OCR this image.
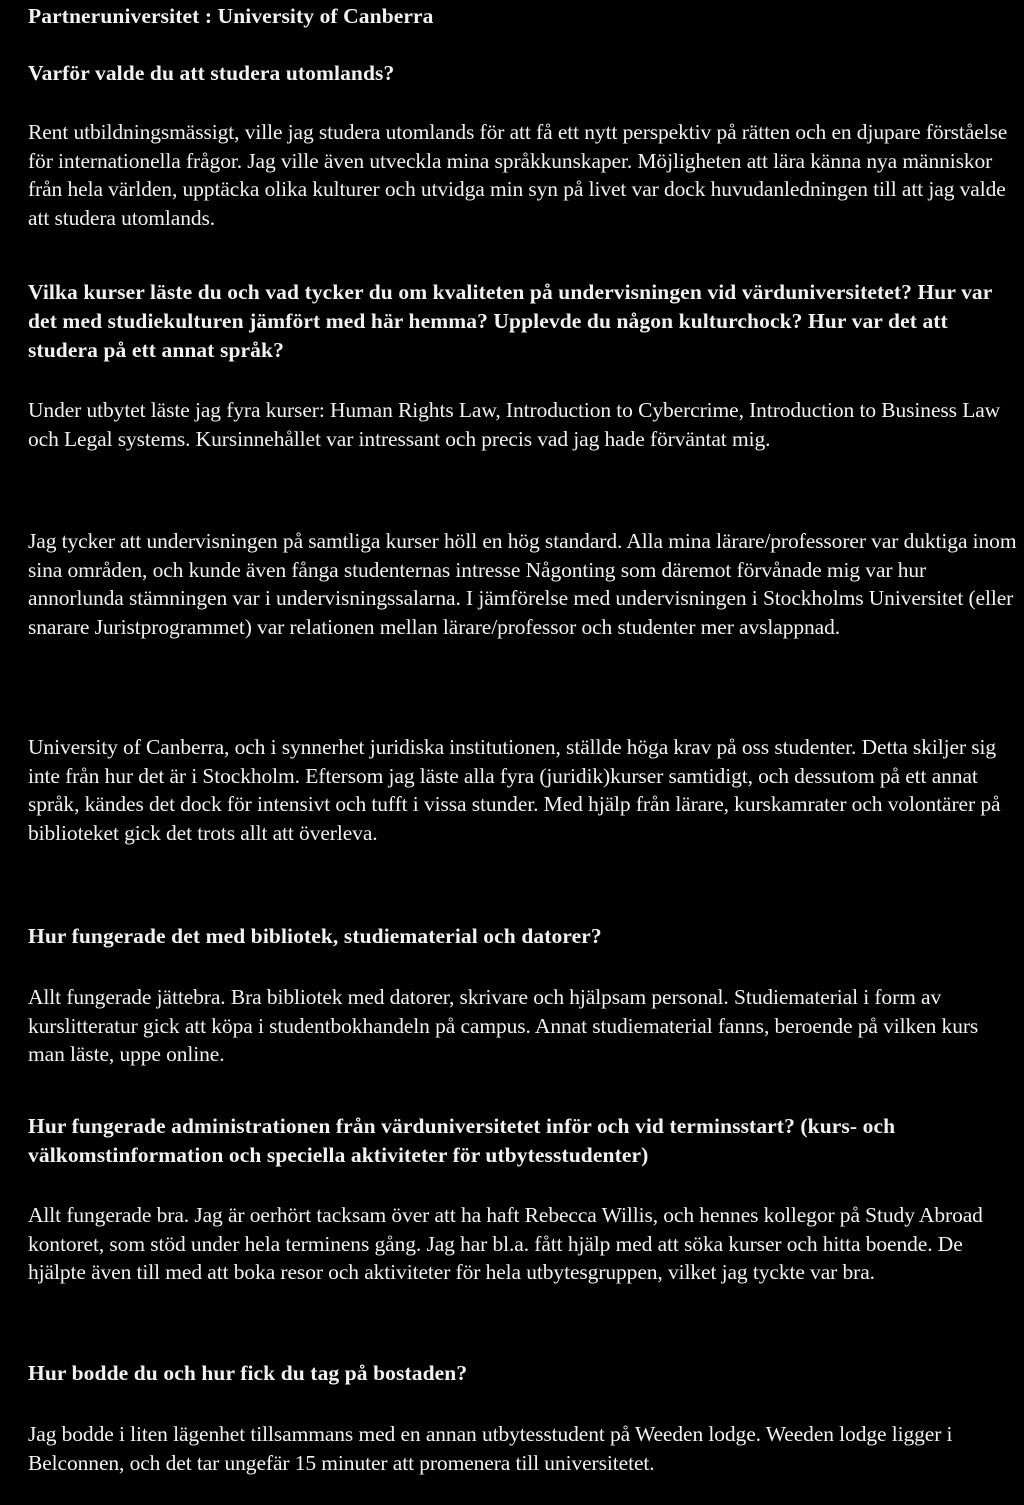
Partneruniversitet : University of Canberra

Varför valde du att studera utomlands?

Rent utbildningsmässigt, ville jag studera utomlands för att få ett nytt perspektiv på rätten och en djupare förståelse för internationella frågor. Jag ville även utveckla mina språkkunskaper. Möjligheten att lära känna nya människor från hela världen, upptäcka olika kulturer och utvidga min syn på livet var dock huvudanledningen till att jag valde att studera utomlands.

Vilka kurser läste du och vad tycker du om kvaliteten på undervisningen vid värduniversitetet? Hur var det med studiekulturen jämfört med här hemma? Upplevde du någon kulturchock? Hur var det att studera på ett annat språk?

Under utbytet läste jag fyra kurser: Human Rights Law, Introduction to Cybercrime, Introduction to Business Law och Legal systems. Kursinnehållet var intressant och precis vad jag hade förväntat mig.

Jag tycker att undervisningen på samtliga kurser höll en hög standard. Alla mina lärare/professorer var duktiga inom sina områden, och kunde även fånga studenternas intresse Någonting som däremot förvånade mig var hur annorlunda stämningen var i undervisningssalarna. I jämförelse med undervisningen i Stockholms Universitet (eller snarare Juristprogrammet) var relationen mellan lärare/professor och studenter mer avslappnad.

University of Canberra, och i synnerhet juridiska institutionen, ställde höga krav på oss studenter. Detta skiljer sig inte från hur det är i Stockholm. Eftersom jag läste alla fyra (juridik)kurser samtidigt, och dessutom på ett annat språk, kändes det dock för intensivt och tufft i vissa stunder. Med hjälp från lärare, kurskamrater och volontärer på biblioteket gick det trots allt att överleva.

Hur fungerade det med bibliotek, studiematerial och datorer?

Allt fungerade jättebra. Bra bibliotek med datorer, skrivare och hjälpsam personal. Studiematerial i form av kurslitteratur gick att köpa i studentbokhandeln på campus. Annat studiematerial fanns, beroende på vilken kurs man läste, uppe online.

Hur fungerade administrationen från värduniversitetet inför och vid terminsstart? (kurs- och välkomstinformation och speciella aktiviteter för utbytesstudenter)

Allt fungerade bra. Jag är oerhört tacksam över att ha haft Rebecca Willis, och hennes kollegor på Study Abroad kontoret, som stöd under hela terminens gång. Jag har bl.a. fått hjälp med att söka kurser och hitta boende. De hjälpte även till med att boka resor och aktiviteter för hela utbytesgruppen, vilket jag tyckte var bra.

Hur bodde du och hur fick du tag på bostaden?

Jag bodde i liten lägenhet tillsammans med en annan utbytesstudent på Weeden lodge. Weeden lodge ligger i Belconnen, och det tar ungefär 15 minuter att promenera till universitetet.
